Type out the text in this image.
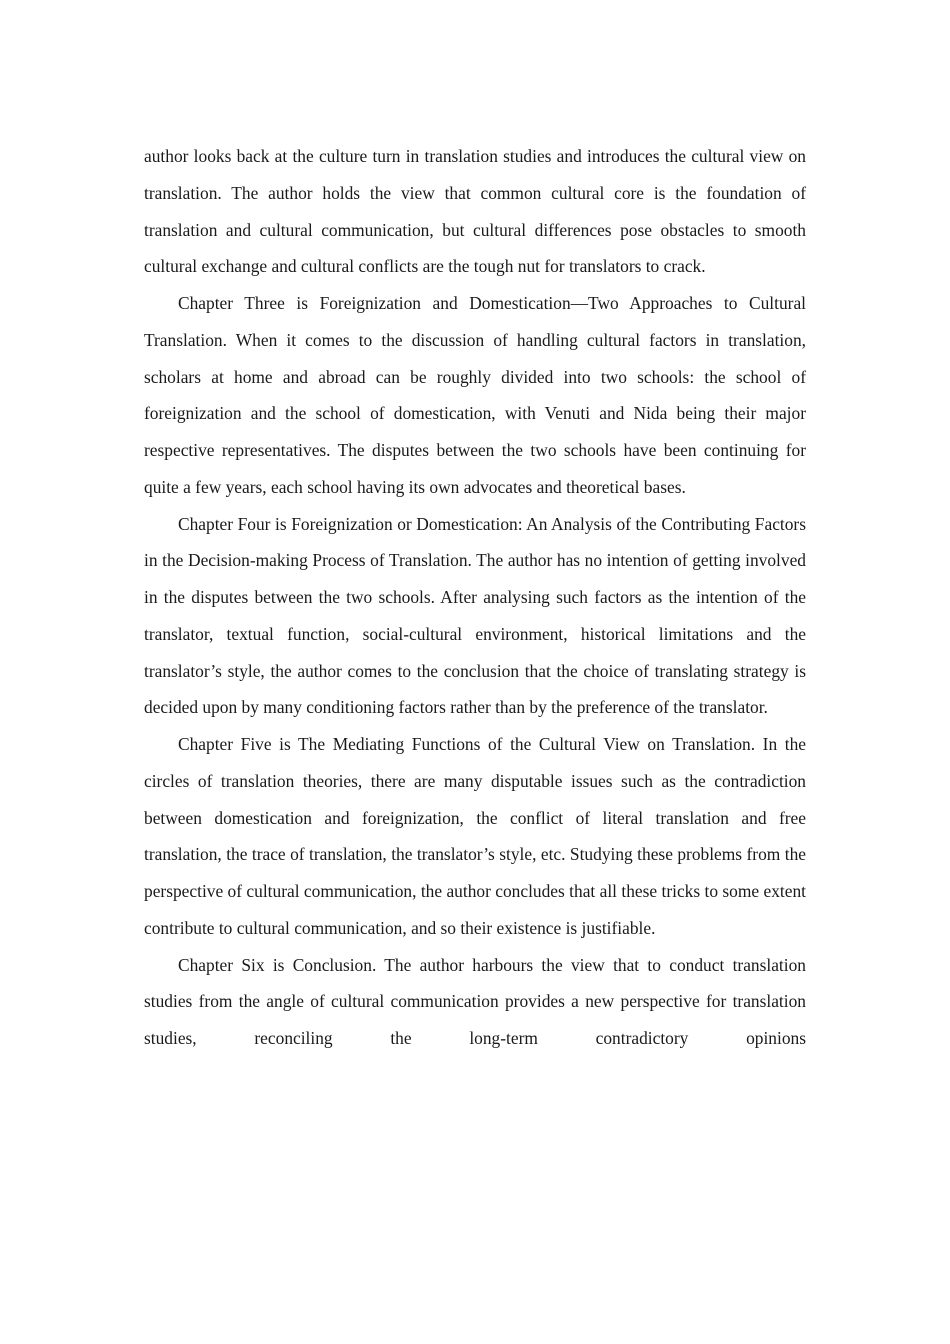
author looks back at the culture turn in translation studies and introduces the cultural view on translation. The author holds the view that common cultural core is the foundation of translation and cultural communication, but cultural differences pose obstacles to smooth cultural exchange and cultural conflicts are the tough nut for translators to crack.

Chapter Three is Foreignization and Domestication—Two Approaches to Cultural Translation. When it comes to the discussion of handling cultural factors in translation, scholars at home and abroad can be roughly divided into two schools: the school of foreignization and the school of domestication, with Venuti and Nida being their major respective representatives. The disputes between the two schools have been continuing for quite a few years, each school having its own advocates and theoretical bases.

Chapter Four is Foreignization or Domestication: An Analysis of the Contributing Factors in the Decision-making Process of Translation. The author has no intention of getting involved in the disputes between the two schools. After analysing such factors as the intention of the translator, textual function, social-cultural environment, historical limitations and the translator’s style, the author comes to the conclusion that the choice of translating strategy is decided upon by many conditioning factors rather than by the preference of the translator.

Chapter Five is The Mediating Functions of the Cultural View on Translation. In the circles of translation theories, there are many disputable issues such as the contradiction between domestication and foreignization, the conflict of literal translation and free translation, the trace of translation, the translator’s style, etc. Studying these problems from the perspective of cultural communication, the author concludes that all these tricks to some extent contribute to cultural communication, and so their existence is justifiable.

Chapter Six is Conclusion. The author harbours the view that to conduct translation studies from the angle of cultural communication provides a new perspective for translation studies, reconciling the long-term contradictory opinions
